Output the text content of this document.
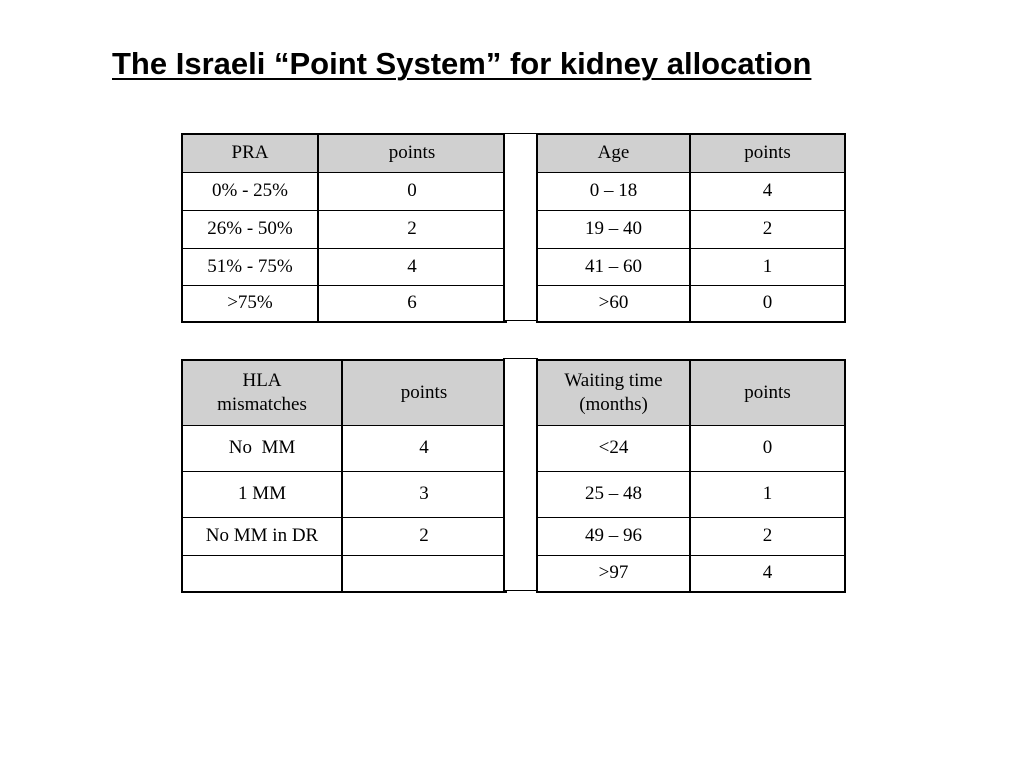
The Israeli “Point System” for kidney allocation
PRA	points
0% - 25%	0
26% - 50%	2
51% - 75%	4
>75%	6
Age	points
0 – 18	4
19 – 40	2
41 – 60	1
>60	0
HLA mismatches	points
No  MM	4
1 MM	3
No MM in DR	2

Waiting time (months)	points
<24	0
25 – 48	1
49 – 96	2
>97	4
